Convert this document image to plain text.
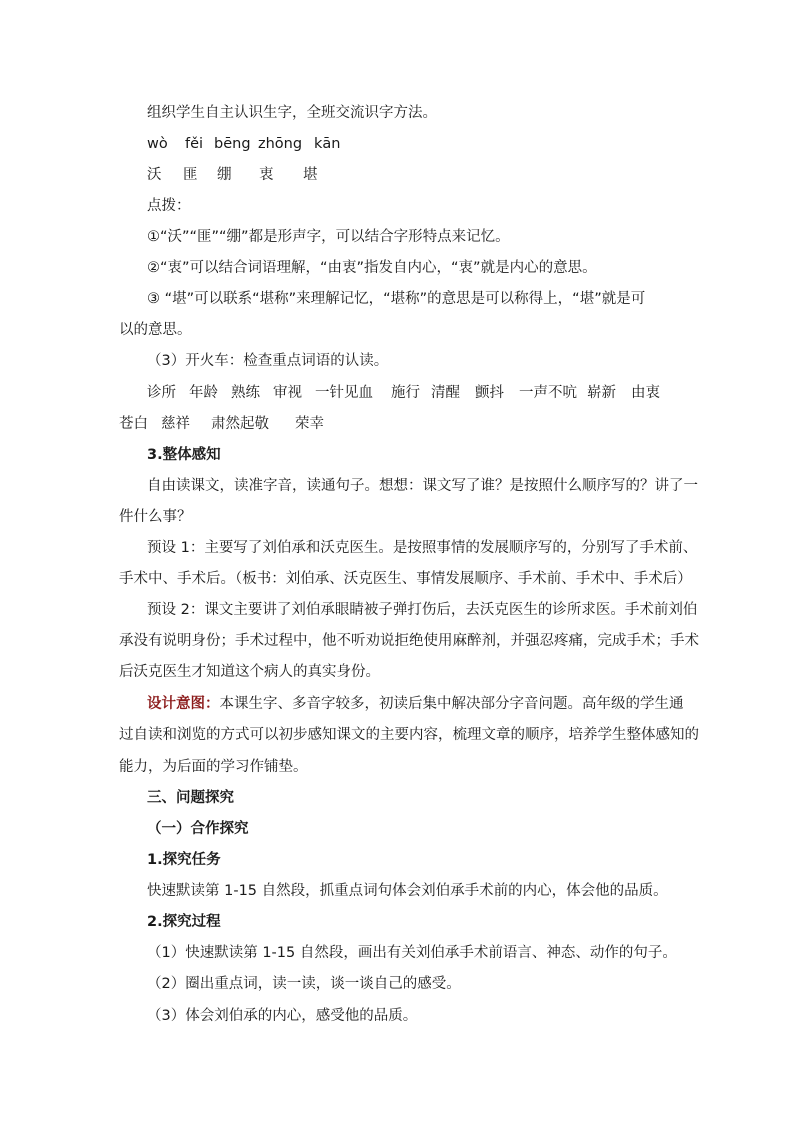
组织学生自主认识生字，全班交流识字方法。
wò fěi bēng zhōng kān
沃 匪 绷 衷 堪
点拨：
①“沃”“匪”“绷”都是形声字，可以结合字形特点来记忆。
②“衷”可以结合词语理解，“由衷”指发自内心，“衷”就是内心的意思。
③ “堪”可以联系“堪称”来理解记忆，“堪称”的意思是可以称得上，“堪”就是可
以的意思。
（3）开火车：检查重点词语的认读。
诊所 年龄 熟练 审视 一针见血 施行 清醒 颤抖 一声不吭 崭新 由衷
苍白 慈祥 肃然起敬 荣幸
3.整体感知
自由读课文，读准字音，读通句子。想想：课文写了谁？是按照什么顺序写的？讲了一
件什么事？
预设 1：主要写了刘伯承和沃克医生。是按照事情的发展顺序写的，分别写了手术前、
手术中、手术后。（板书：刘伯承、沃克医生、事情发展顺序、手术前、手术中、手术后）
预设 2：课文主要讲了刘伯承眼睛被子弹打伤后，去沃克医生的诊所求医。手术前刘伯
承没有说明身份；手术过程中，他不听劝说拒绝使用麻醉剂，并强忍疼痛，完成手术；手术
后沃克医生才知道这个病人的真实身份。
设计意图：本课生字、多音字较多，初读后集中解决部分字音问题。高年级的学生通
过自读和浏览的方式可以初步感知课文的主要内容，梳理文章的顺序，培养学生整体感知的
能力，为后面的学习作铺垫。
三、问题探究
（一）合作探究
1.探究任务
快速默读第 1-15 自然段，抓重点词句体会刘伯承手术前的内心，体会他的品质。
2.探究过程
（1）快速默读第 1-15 自然段，画出有关刘伯承手术前语言、神态、动作的句子。
（2）圈出重点词，读一读，谈一谈自己的感受。
（3）体会刘伯承的内心，感受他的品质。
